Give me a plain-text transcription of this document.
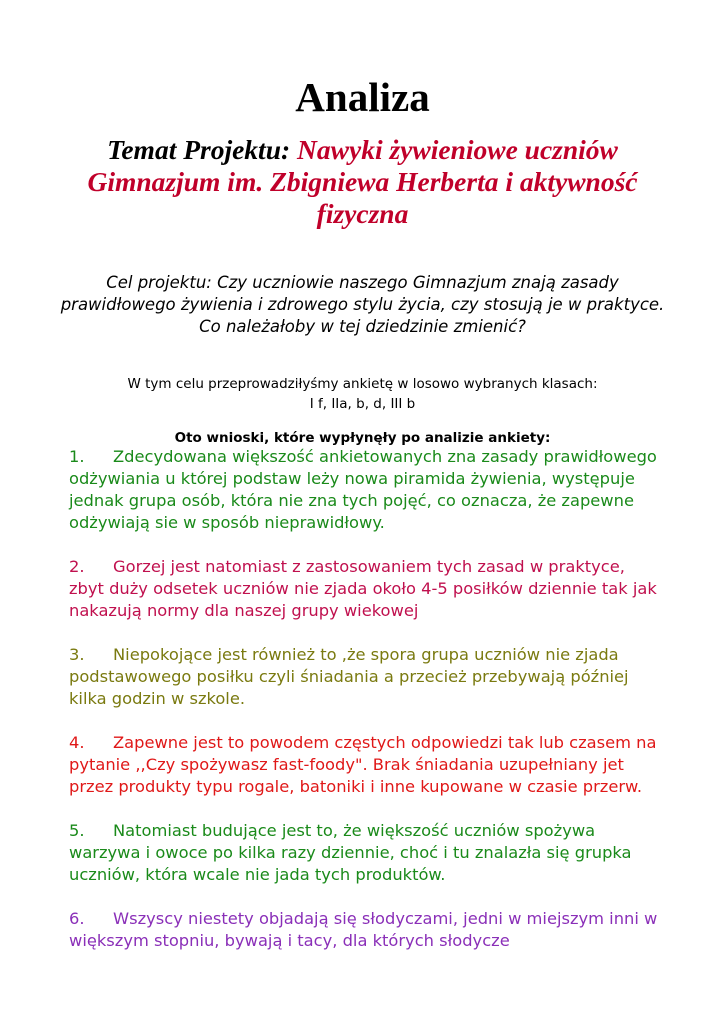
Analiza
Temat Projektu: Nawyki żywieniowe uczniów Gimnazjum im. Zbigniewa Herberta i aktywność fizyczna

Cel projektu: Czy uczniowie naszego Gimnazjum znają zasady prawidłowego żywienia i zdrowego stylu życia, czy stosują je w praktyce.

Co należałoby w tej dziedzinie zmienić?

W tym celu przeprowadziłyśmy ankietę w losowo wybranych klasach:

I f, IIa, b, d, III b

Oto wnioski, które wypłynęły po analizie ankiety:

1. Zdecydowana większość ankietowanych zna zasady prawidłowego odżywiania u której podstaw leży nowa piramida żywienia, występuje jednak grupa osób, która nie zna tych pojęć, co oznacza, że zapewne odżywiają sie w sposób nieprawidłowy.

2. Gorzej jest natomiast z zastosowaniem tych zasad w praktyce, zbyt duży odsetek uczniów nie zjada około 4-5 posiłków dziennie tak jak nakazują normy dla naszej grupy wiekowej

3. Niepokojące jest również to ,że spora grupa uczniów nie zjada podstawowego posiłku czyli śniadania a przecież przebywają później kilka godzin w szkole.

4. Zapewne jest to powodem częstych odpowiedzi tak lub czasem na pytanie ,,Czy spożywasz fast-foody". Brak śniadania uzupełniany jet przez produkty typu rogale, batoniki i inne kupowane w czasie przerw.

5. Natomiast budujące jest to, że większość uczniów spożywa warzywa i owoce po kilka razy dziennie, choć i tu znalazła się grupka uczniów, która wcale nie jada tych produktów.

6. Wszyscy niestety objadają się słodyczami, jedni w miejszym inni w większym stopniu, bywają i tacy, dla których słodycze
